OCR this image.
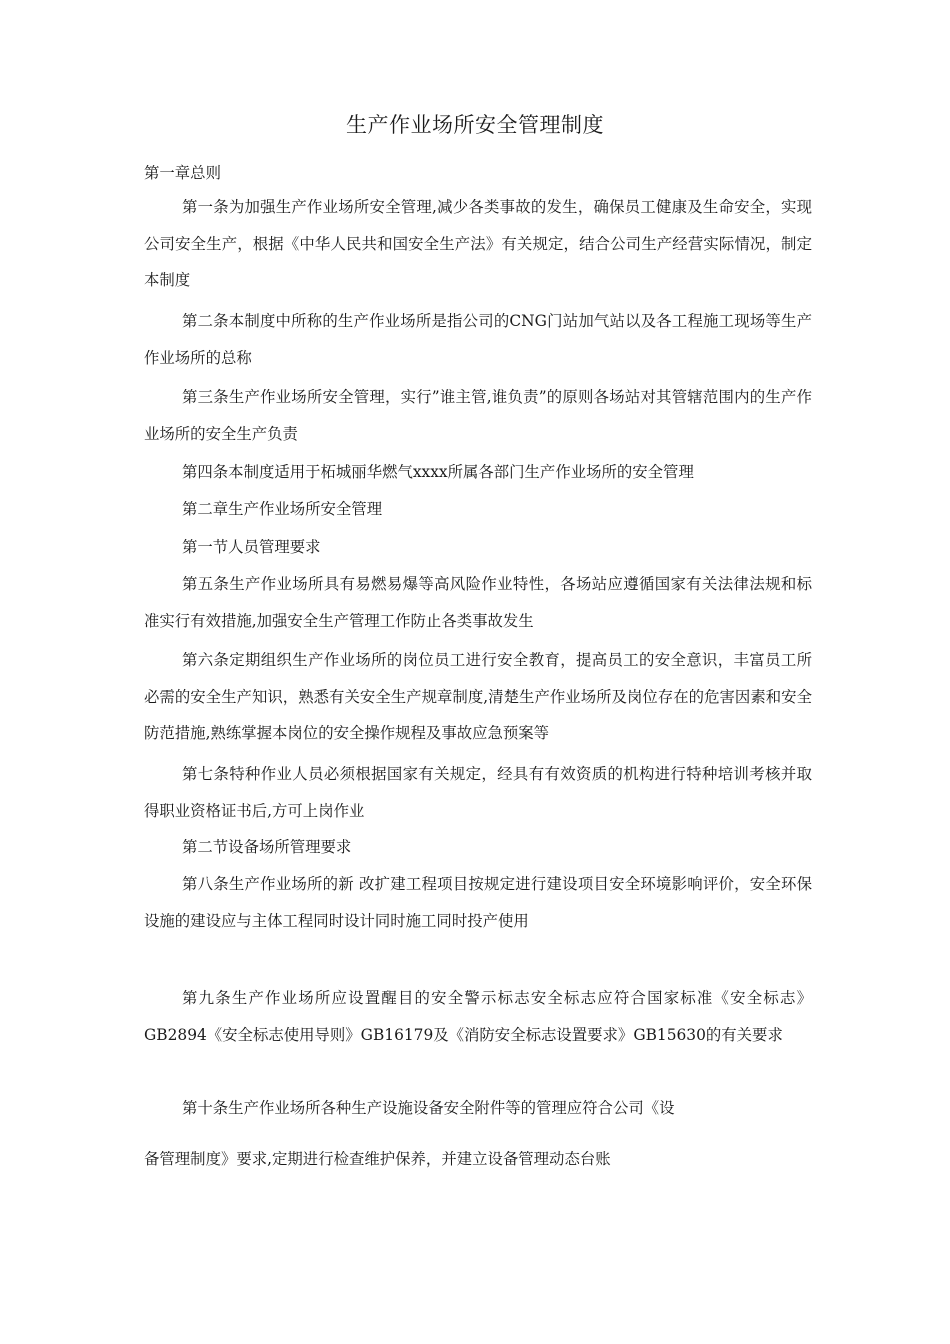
生产作业场所安全管理制度
第一章总则

第一条为加强生产作业场所安全管理,减少各类事故的发生，确保员工健康及生命安全，实现公司安全生产，根据《中华人民共和国安全生产法》有关规定，结合公司生产经营实际情况，制定本制度

第二条本制度中所称的生产作业场所是指公司的CNG门站加气站以及各工程施工现场等生产作业场所的总称

第三条生产作业场所安全管理，实行”谁主管,谁负责”的原则各场站对其管辖范围内的生产作业场所的安全生产负责

第四条本制度适用于柘城丽华燃气xxxx所属各部门生产作业场所的安全管理
第二章生产作业场所安全管理
第一节人员管理要求

第五条生产作业场所具有易燃易爆等高风险作业特性，各场站应遵循国家有关法律法规和标准实行有效措施,加强安全生产管理工作防止各类事故发生

第六条定期组织生产作业场所的岗位员工进行安全教育，提高员工的安全意识，丰富员工所必需的安全生产知识，熟悉有关安全生产规章制度,清楚生产作业场所及岗位存在的危害因素和安全防范措施,熟练掌握本岗位的安全操作规程及事故应急预案等

第七条特种作业人员必须根据国家有关规定，经具有有效资质的机构进行特种培训考核并取得职业资格证书后,方可上岗作业

第二节设备场所管理要求

第八条生产作业场所的新 改扩建工程项目按规定进行建设项目安全环境影响评价，安全环保设施的建设应与主体工程同时设计同时施工同时投产使用

第九条生产作业场所应设置醒目的安全警示标志安全标志应符合国家标准《安全标志》GB2894《安全标志使用导则》GB16179及《消防安全标志设置要求》GB15630的有关要求

第十条生产作业场所各种生产设施设备安全附件等的管理应符合公司《设
备管理制度》要求,定期进行检查维护保养，并建立设备管理动态台账
